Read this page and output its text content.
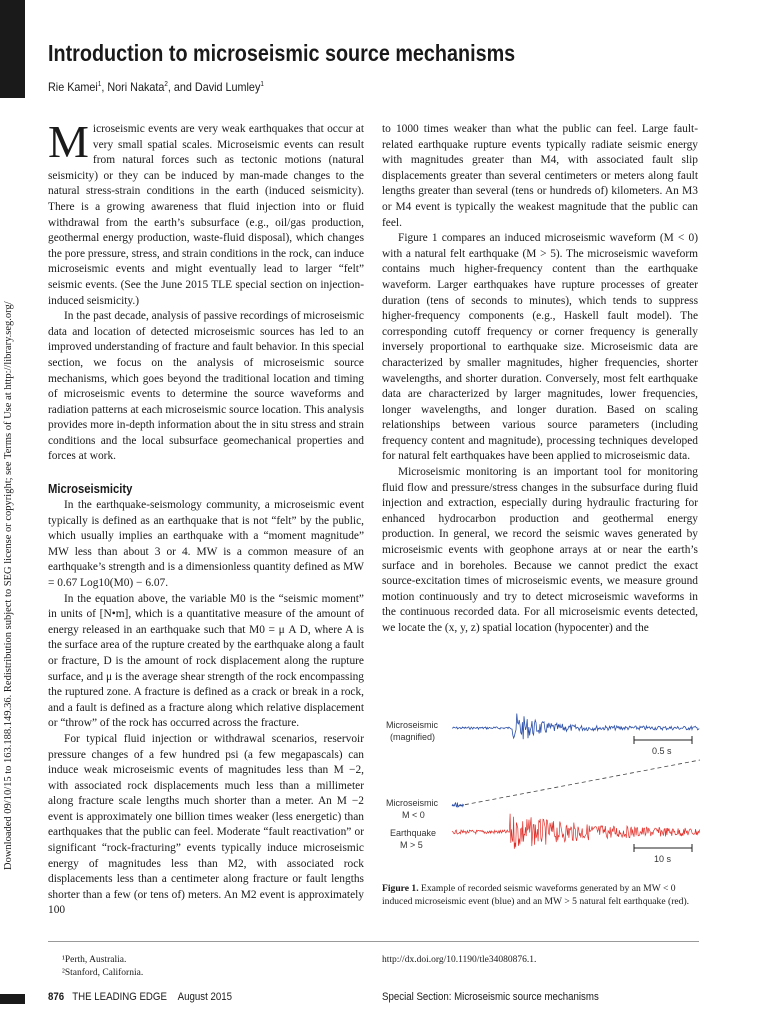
Downloaded 09/10/15 to 163.188.149.36. Redistribution subject to SEG license or copyright; see Terms of Use at http://library.seg.org/
Introduction to microseismic source mechanisms
Rie Kamei$^1$, Nori Nakata$^2$, and David Lumley$^1$

Microseismic events are very weak earthquakes that occur at very small spatial scales. Microseismic events can result from natural forces such as tectonic motions (natural seismicity) or they can be induced by man-made changes to the natural stress-strain conditions in the earth (induced seismicity). There is a growing awareness that fluid injection into or fluid withdrawal from the earth’s subsurface (e.g., oil/gas production, geothermal energy production, waste-fluid disposal), which changes the pore pressure, stress, and strain conditions in the rock, can induce microseismic events and might eventually lead to larger “felt” seismic events. (See the June 2015 TLE special section on injection-induced seismicity.)

In the past decade, analysis of passive recordings of microseismic data and location of detected microseismic sources has led to an improved understanding of fracture and fault behavior. In this special section, we focus on the analysis of microseismic source mechanisms, which goes beyond the traditional location and timing of microseismic events to determine the source waveforms and radiation patterns at each microseismic source location. This analysis provides more in-depth information about the in situ stress and strain conditions and the local subsurface geomechanical properties and forces at work.

Microseismicity

In the earthquake-seismology community, a microseismic event typically is defined as an earthquake that is not “felt” by the public, which usually implies an earthquake with a “moment magnitude” MW less than about 3 or 4. MW is a common measure of an earthquake’s strength and is a dimensionless quantity defined as MW = 0.67 Log10(M0) − 6.07.

In the equation above, the variable M0 is the “seismic moment” in units of [N•m], which is a quantitative measure of the amount of energy released in an earthquake such that M0 = μ A D, where A is the surface area of the rupture created by the earthquake along a fault or fracture, D is the amount of rock displacement along the rupture surface, and μ is the average shear strength of the rock encompassing the ruptured zone. A fracture is defined as a crack or break in a rock, and a fault is defined as a fracture along which relative displacement or “throw” of the rock has occurred across the fracture.

For typical fluid injection or withdrawal scenarios, reservoir pressure changes of a few hundred psi (a few megapascals) can induce weak microseismic events of magnitudes less than M −2, with associated rock displacements much less than a millimeter along fracture scale lengths much shorter than a meter. An M −2 event is approximately one billion times weaker (less energetic) than earthquakes that the public can feel. Moderate “fault reactivation” or significant “rock-fracturing” events typically induce microseismic energy of magnitudes less than M2, with associated rock displacements less than a centimeter along fracture or fault lengths shorter than a few (or tens of) meters. An M2 event is approximately 100

to 1000 times weaker than what the public can feel. Large fault-related earthquake rupture events typically radiate seismic energy with magnitudes greater than M4, with associated fault slip displacements greater than several centimeters or meters along fault lengths greater than several (tens or hundreds of) kilometers. An M3 or M4 event is typically the weakest magnitude that the public can feel.

Figure 1 compares an induced microseismic waveform (M < 0) with a natural felt earthquake (M > 5). The microseismic waveform contains much higher-frequency content than the earthquake waveform. Larger earthquakes have rupture processes of greater duration (tens of seconds to minutes), which tends to suppress higher-frequency components (e.g., Haskell fault model). The corresponding cutoff frequency or corner frequency is generally inversely proportional to earthquake size. Microseismic data are characterized by smaller magnitudes, higher frequencies, shorter wavelengths, and shorter duration. Conversely, most felt earthquake data are characterized by larger magnitudes, lower frequencies, longer wavelengths, and longer duration. Based on scaling relationships between various source parameters (including frequency content and magnitude), processing techniques developed for natural felt earthquakes have been applied to microseismic data.

Microseismic monitoring is an important tool for monitoring fluid flow and pressure/stress changes in the subsurface during fluid injection and extraction, especially during hydraulic fracturing for enhanced hydrocarbon production and geothermal energy production. In general, we record the seismic waves generated by microseismic events with geophone arrays at or near the earth’s surface and in boreholes. Because we cannot predict the exact source-excitation times of microseismic events, we measure ground motion continuously and try to detect microseismic waveforms in the continuous recorded data. For all microseismic events detected, we locate the (x, y, z) spatial location (hypocenter) and the

Microseismic
(magnified)
0.5 s
Microseismic
M < 0
Earthquake
M > 5
10 s
Figure 1. Example of recorded seismic waveforms generated by an MW < 0 induced microseismic event (blue) and an MW > 5 natural felt earthquake (red).
¹Perth, Australia.
²Stanford, California.
http://dx.doi.org/10.1190/tle34080876.1.
876 THE LEADING EDGE August 2015	Special Section: Microseismic source mechanisms
